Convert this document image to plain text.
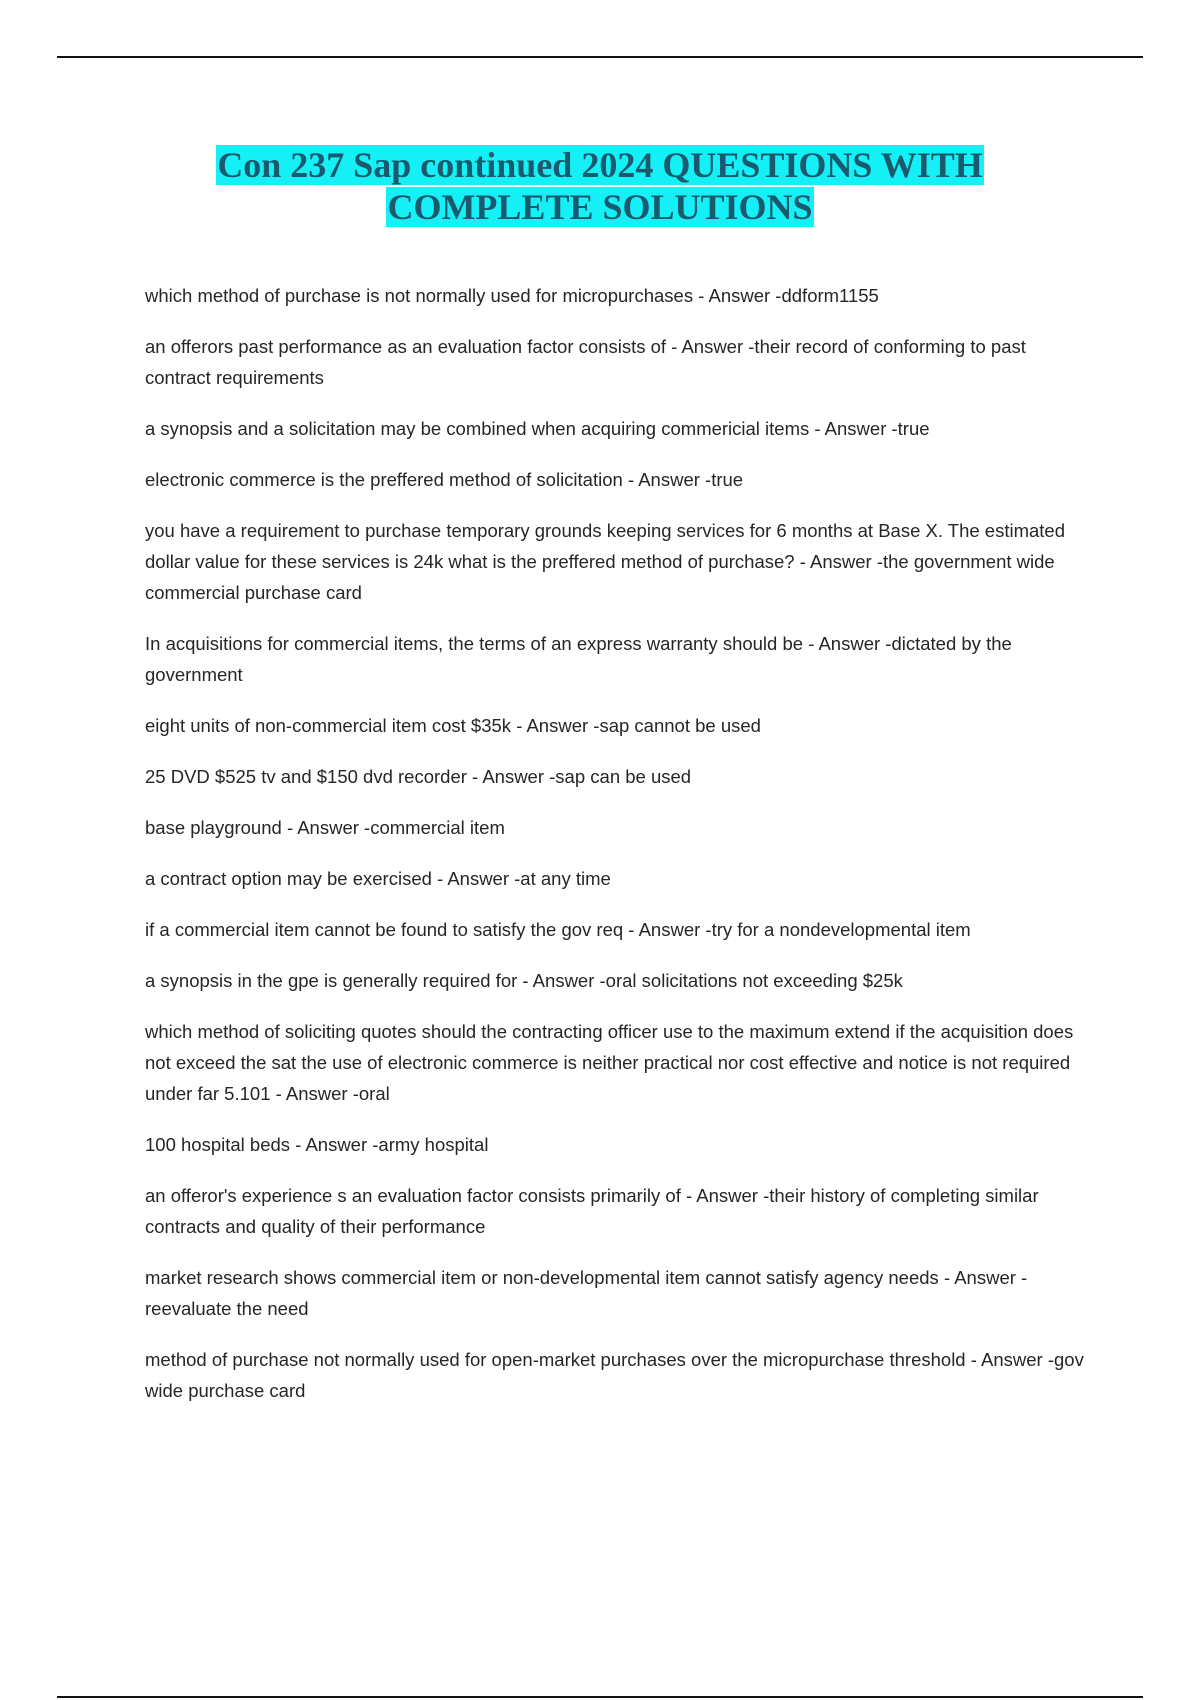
Con 237 Sap continued 2024 QUESTIONS WITH COMPLETE SOLUTIONS
which method of purchase is not normally used for micropurchases - Answer -ddform1155
an offerors past performance as an evaluation factor consists of - Answer -their record of conforming to past contract requirements
a synopsis and a solicitation may be combined when acquiring commericial items - Answer -true
electronic commerce is the preffered method of solicitation - Answer -true
you have a requirement to purchase temporary grounds keeping services for 6 months at Base X. The estimated dollar value for these services is 24k what is the preffered method of purchase? - Answer -the government wide commercial purchase card
In acquisitions for commercial items, the terms of an express warranty should be - Answer -dictated by the government
eight units of non-commercial item cost $35k - Answer -sap cannot be used
25 DVD $525 tv and $150 dvd recorder - Answer -sap can be used
base playground - Answer -commercial item
a contract option may be exercised - Answer -at any time
if a commercial item cannot be found to satisfy the gov req - Answer -try for a nondevelopmental item
a synopsis in the gpe is generally required for - Answer -oral solicitations not exceeding $25k
which method of soliciting quotes should the contracting officer use to the maximum extend if the acquisition does not exceed the sat the use of electronic commerce is neither practical nor cost effective and notice is not required under far 5.101 - Answer -oral
100 hospital beds - Answer -army hospital
an offeror's experience s an evaluation factor consists primarily of - Answer -their history of completing similar contracts and quality of their performance
market research shows commercial item or non-developmental item cannot satisfy agency needs - Answer -reevaluate the need
method of purchase not normally used for open-market purchases over the micropurchase threshold - Answer -gov wide purchase card
